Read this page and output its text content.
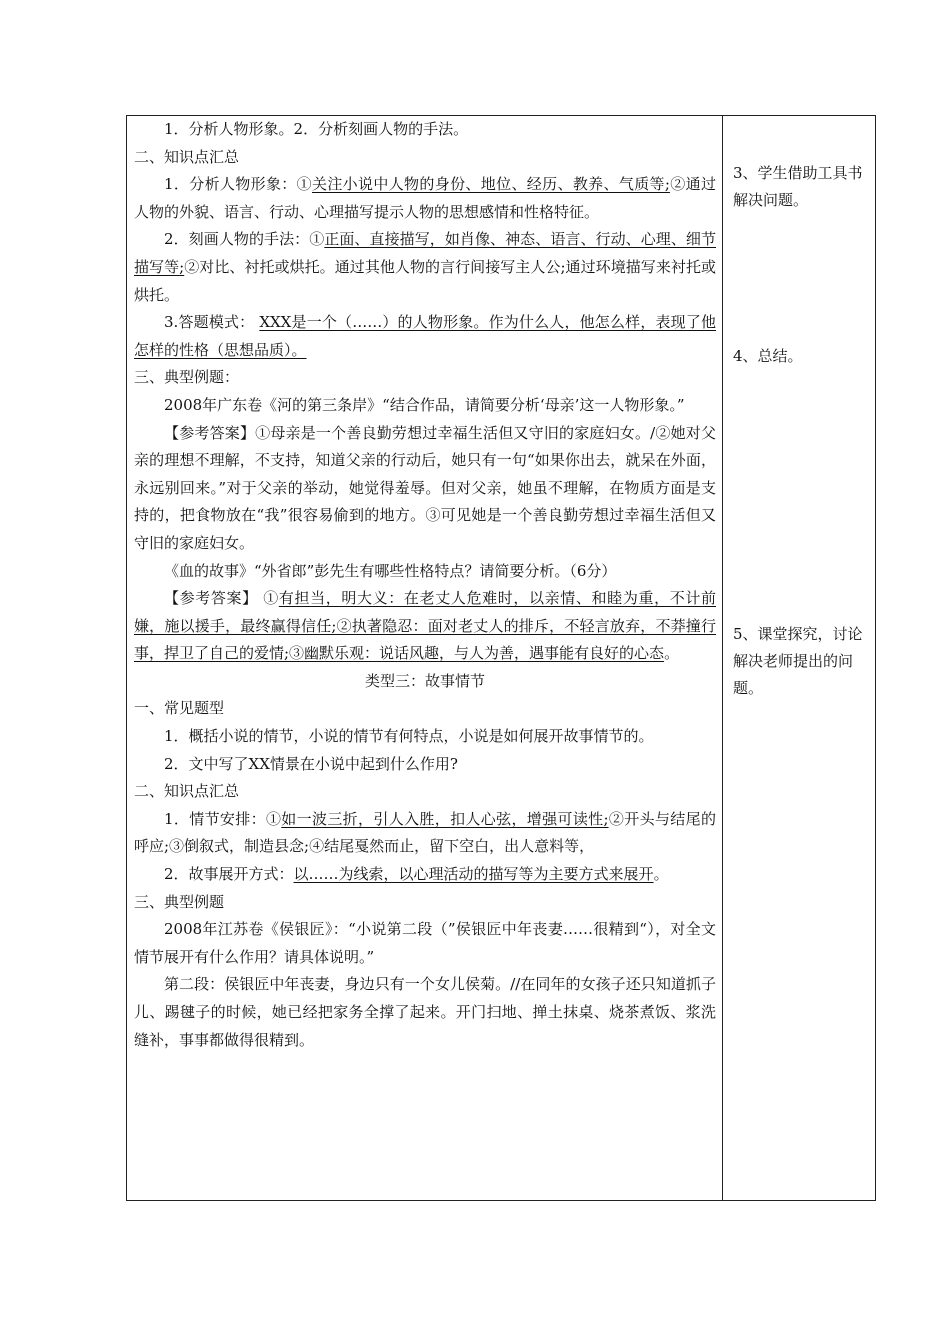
1．分析人物形象。2．分析刻画人物的手法。

二、知识点汇总

1．分析人物形象：①关注小说中人物的身份、地位、经历、教养、气质等;②通过人物的外貌、语言、行动、心理描写提示人物的思想感情和性格特征。

2．刻画人物的手法：①正面、直接描写，如肖像、神态、语言、行动、心理、细节描写等;②对比、衬托或烘托。通过其他人物的言行间接写主人公;通过环境描写来衬托或烘托。

3.答题模式： XXX是一个（……）的人物形象。作为什么人，他怎么样，表现了他怎样的性格（思想品质）。

三、典型例题：

2008年广东卷《河的第三条岸》“结合作品，请简要分析‘母亲’这一人物形象。”

【参考答案】①母亲是一个善良勤劳想过幸福生活但又守旧的家庭妇女。/②她对父亲的理想不理解，不支持，知道父亲的行动后，她只有一句“如果你出去，就呆在外面，永远别回来。”对于父亲的举动，她觉得羞辱。但对父亲，她虽不理解，在物质方面是支持的，把食物放在“我”很容易偷到的地方。③可见她是一个善良勤劳想过幸福生活但又守旧的家庭妇女。

《血的故事》“外省郎”彭先生有哪些性格特点？请简要分析。（6分）

【参考答案】 ①有担当，明大义：在老丈人危难时，以亲情、和睦为重，不计前嫌，施以援手，最终赢得信任;②执著隐忍：面对老丈人的排斥，不轻言放弃，不莽撞行事，捍卫了自己的爱情;③幽默乐观：说话风趣，与人为善，遇事能有良好的心态。

类型三：故事情节

一、常见题型

1．概括小说的情节，小说的情节有何特点，小说是如何展开故事情节的。

2．文中写了XX情景在小说中起到什么作用?

二、知识点汇总

1．情节安排：①如一波三折，引人入胜，扣人心弦，增强可读性;②开头与结尾的呼应;③倒叙式，制造县念;④结尾戛然而止，留下空白，出人意料等，

2．故事展开方式：以……为线索，以心理活动的描写等为主要方式来展开。

三、典型例题

2008年江苏卷《侯银匠》：“小说第二段（”侯银匠中年丧妻……很精到“），对全文情节展开有什么作用？请具体说明。”

第二段：侯银匠中年丧妻，身边只有一个女儿侯菊。//在同年的女孩子还只知道抓子儿、踢毽子的时候，她已经把家务全撑了起来。开门扫地、掸土抹桌、烧茶煮饭、浆洗缝补，事事都做得很精到。

3、学生借助工具书解决问题。

4、总结。

5、课堂探究，讨论解决老师提出的问题。
